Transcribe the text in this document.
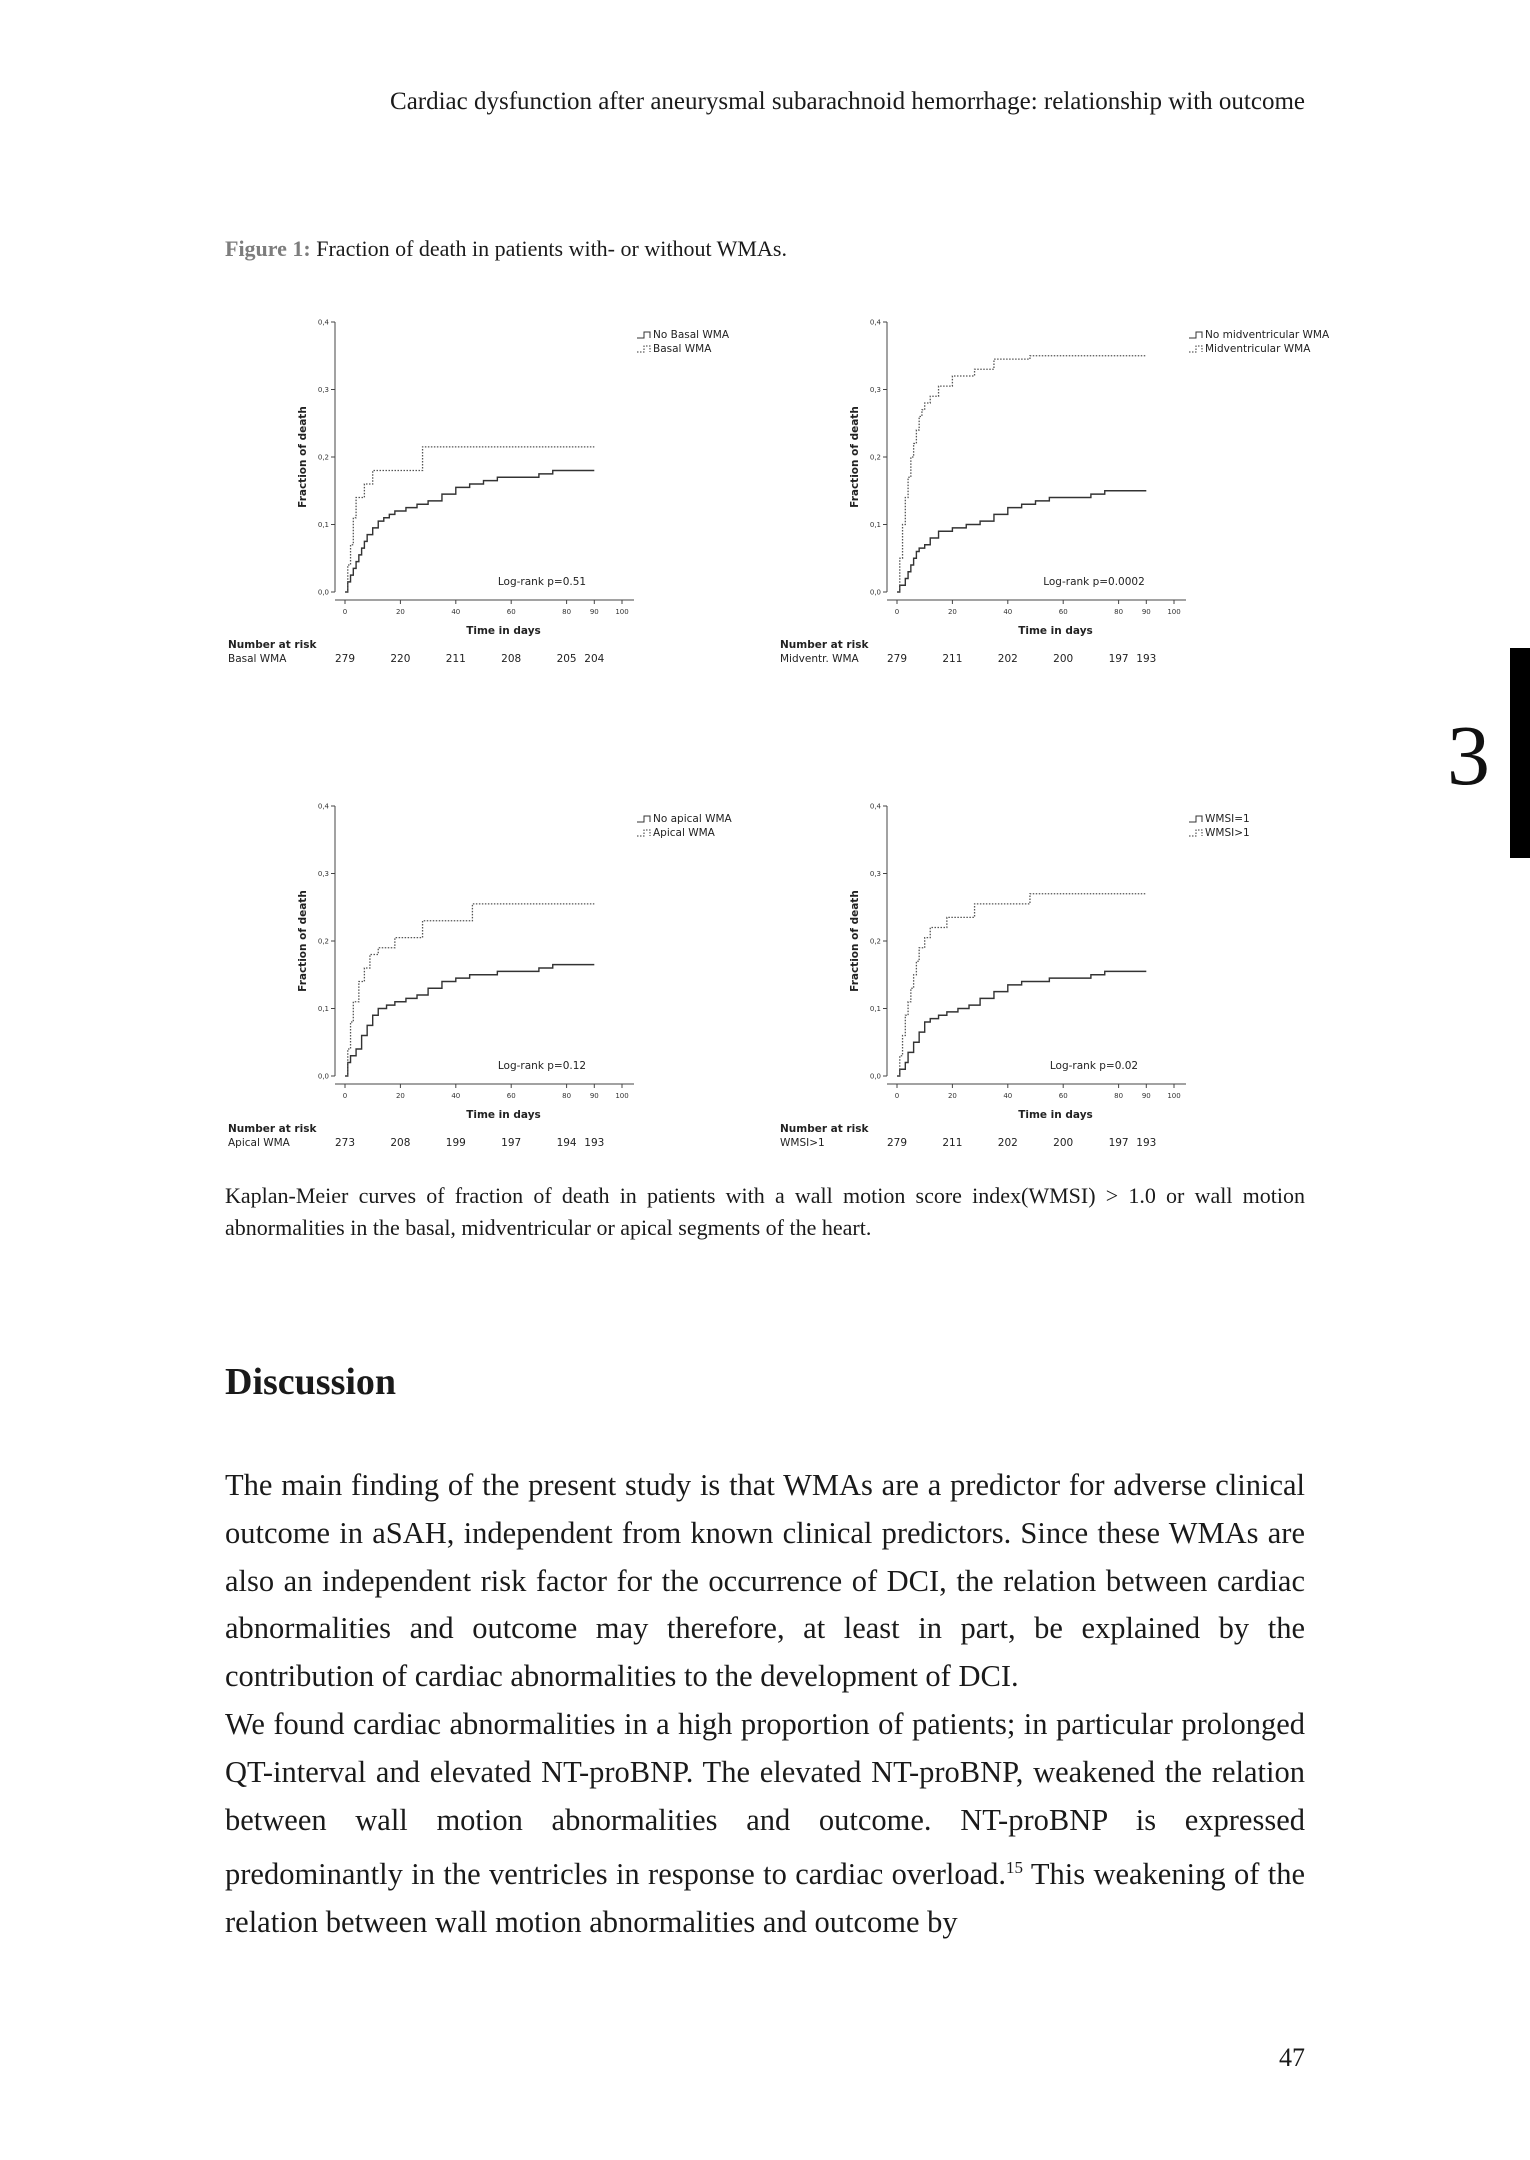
Cardiac dysfunction after aneurysmal subarachnoid hemorrhage: relationship with outcome
3
Figure 1: Fraction of death in patients with- or without WMAs.
0,0
0,1
0,2
0,3
0,4
0	20	40	60	80	90 100
Time in days
Fraction of death
No Basal WMA
Basal WMA
Log-rank p=0.51
Number at risk
Basal WMA	279	220	211	208	205 204
0,0
0,1
0,2
0,3
0,4
0	20	40	60	80	90 100
Time in days
Fraction of death
No midventricular WMA
Midventricular WMA
Log-rank p=0.0002
Number at risk
Midventr. WMA	279	211	202	200	197 193
0,0
0,1
0,2
0,3
0,4
0	20	40	60	80	90 100
Time in days
Fraction of death
No apical WMA
Apical WMA
Log-rank p=0.12
Number at risk
Apical WMA	273	208	199	197	194 193
0,0
0,1
0,2
0,3
0,4
0	20	40	60	80	90 100
Time in days
Fraction of death
WMSI=1
WMSI>1
Log-rank p=0.02
Number at risk
WMSI>1	279	211	202	200	197 193
Kaplan-Meier curves of fraction of death in patients with a wall motion score index(WMSI) > 1.0 or wall motion abnormalities in the basal, midventricular or apical segments of the heart.
Discussion

The main finding of the present study is that WMAs are a predictor for adverse clinical outcome in aSAH, independent from known clinical predictors. Since these WMAs are also an independent risk factor for the occurrence of DCI, the relation between cardiac abnormalities and outcome may therefore, at least in part, be explained by the contribution of cardiac abnormalities to the development of DCI.

We found cardiac abnormalities in a high proportion of patients; in particular prolonged QT-interval and elevated NT-proBNP. The elevated NT-proBNP, weakened the relation between wall motion abnormalities and outcome. NT-proBNP is expressed predominantly in the ventricles in response to cardiac overload.$^{15}$ This weakening of the relation between wall motion abnormalities and outcome by

47
